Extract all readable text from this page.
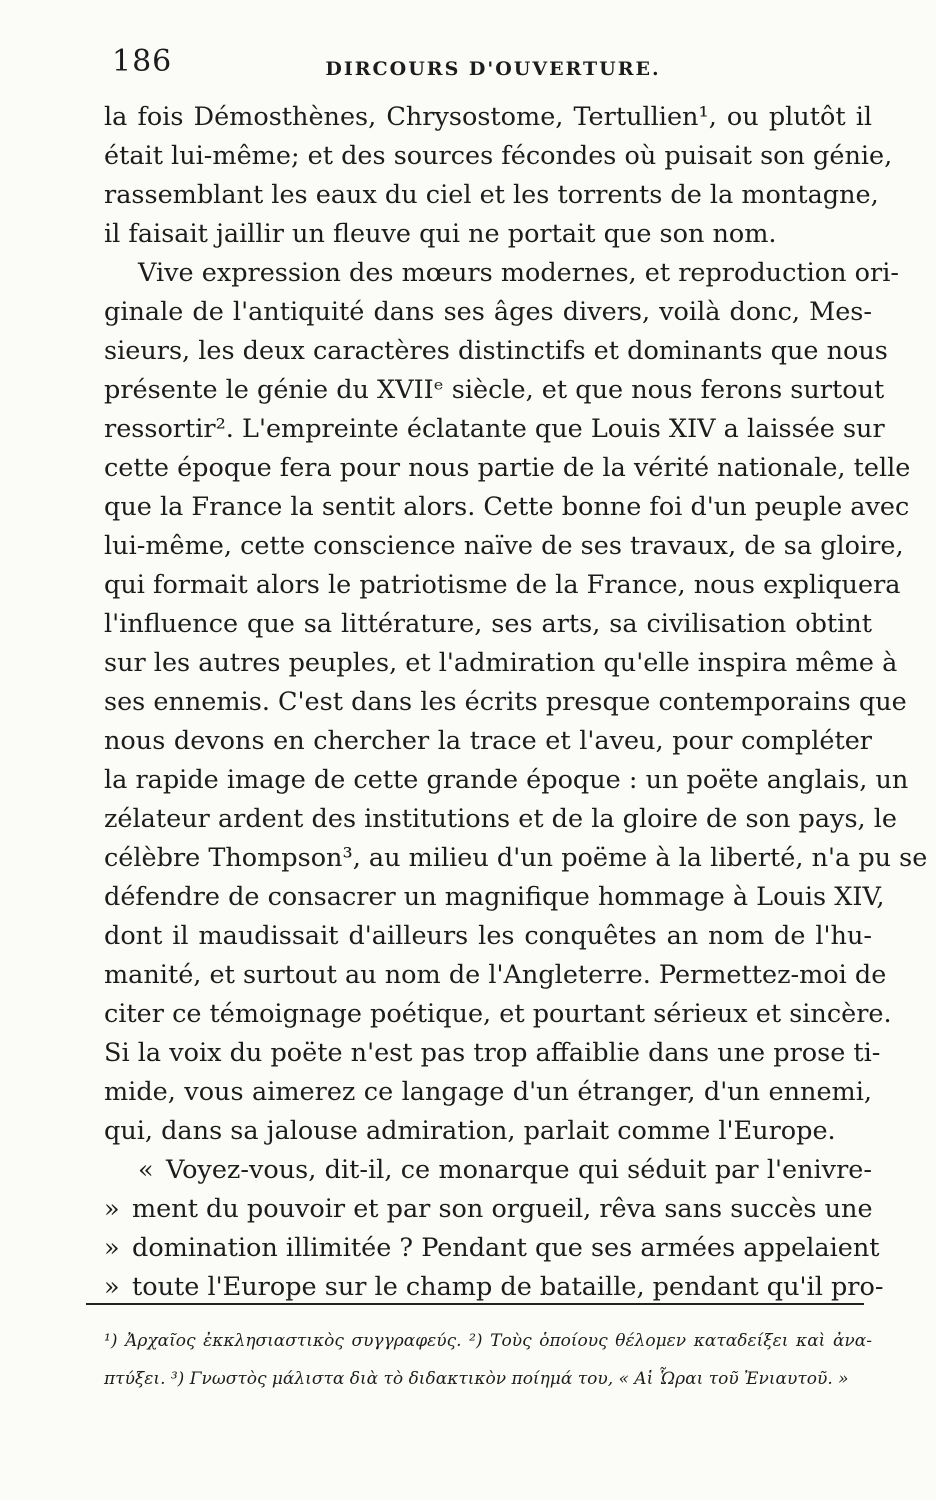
186	DIRCOURS D'OUVERTURE.
la fois Démosthènes, Chrysostome, Tertullien¹, ou plutôt il
était lui-même; et des sources fécondes où puisait son génie,
rassemblant les eaux du ciel et les torrents de la montagne,
il faisait jaillir un fleuve qui ne portait que son nom.
Vive expression des mœurs modernes, et reproduction ori-
ginale de l'antiquité dans ses âges divers, voilà donc, Mes-
sieurs, les deux caractères distinctifs et dominants que nous
présente le génie du XVIIᵉ siècle, et que nous ferons surtout
ressortir². L'empreinte éclatante que Louis XIV a laissée sur
cette époque fera pour nous partie de la vérité nationale, telle
que la France la sentit alors. Cette bonne foi d'un peuple avec
lui-même, cette conscience naïve de ses travaux, de sa gloire,
qui formait alors le patriotisme de la France, nous expliquera
l'influence que sa littérature, ses arts, sa civilisation obtint
sur les autres peuples, et l'admiration qu'elle inspira même à
ses ennemis. C'est dans les écrits presque contemporains que
nous devons en chercher la trace et l'aveu, pour compléter
la rapide image de cette grande époque : un poëte anglais, un
zélateur ardent des institutions et de la gloire de son pays, le
célèbre Thompson³, au milieu d'un poëme à la liberté, n'a pu se
défendre de consacrer un magnifique hommage à Louis XIV,
dont il maudissait d'ailleurs les conquêtes an nom de l'hu-
manité, et surtout au nom de l'Angleterre. Permettez-moi de
citer ce témoignage poétique, et pourtant sérieux et sincère.
Si la voix du poëte n'est pas trop affaiblie dans une prose ti-
mide, vous aimerez ce langage d'un étranger, d'un ennemi,
qui, dans sa jalouse admiration, parlait comme l'Europe.
« Voyez-vous, dit-il, ce monarque qui séduit par l'enivre-
» ment du pouvoir et par son orgueil, rêva sans succès une
» domination illimitée ? Pendant que ses armées appelaient
» toute l'Europe sur le champ de bataille, pendant qu'il pro-
¹) Ἀρχαῖος ἐκκλησιαστικὸς συγγραφεύς. ²) Τοὺς ὁποίους θέλομεν καταδείξει καὶ ἀνα-
πτύξει. ³) Γνωστὸς μάλιστα διὰ τὸ διδακτικὸν ποίημά του, « Αἱ Ὧραι τοῦ Ἐνιαυτοῦ. »
